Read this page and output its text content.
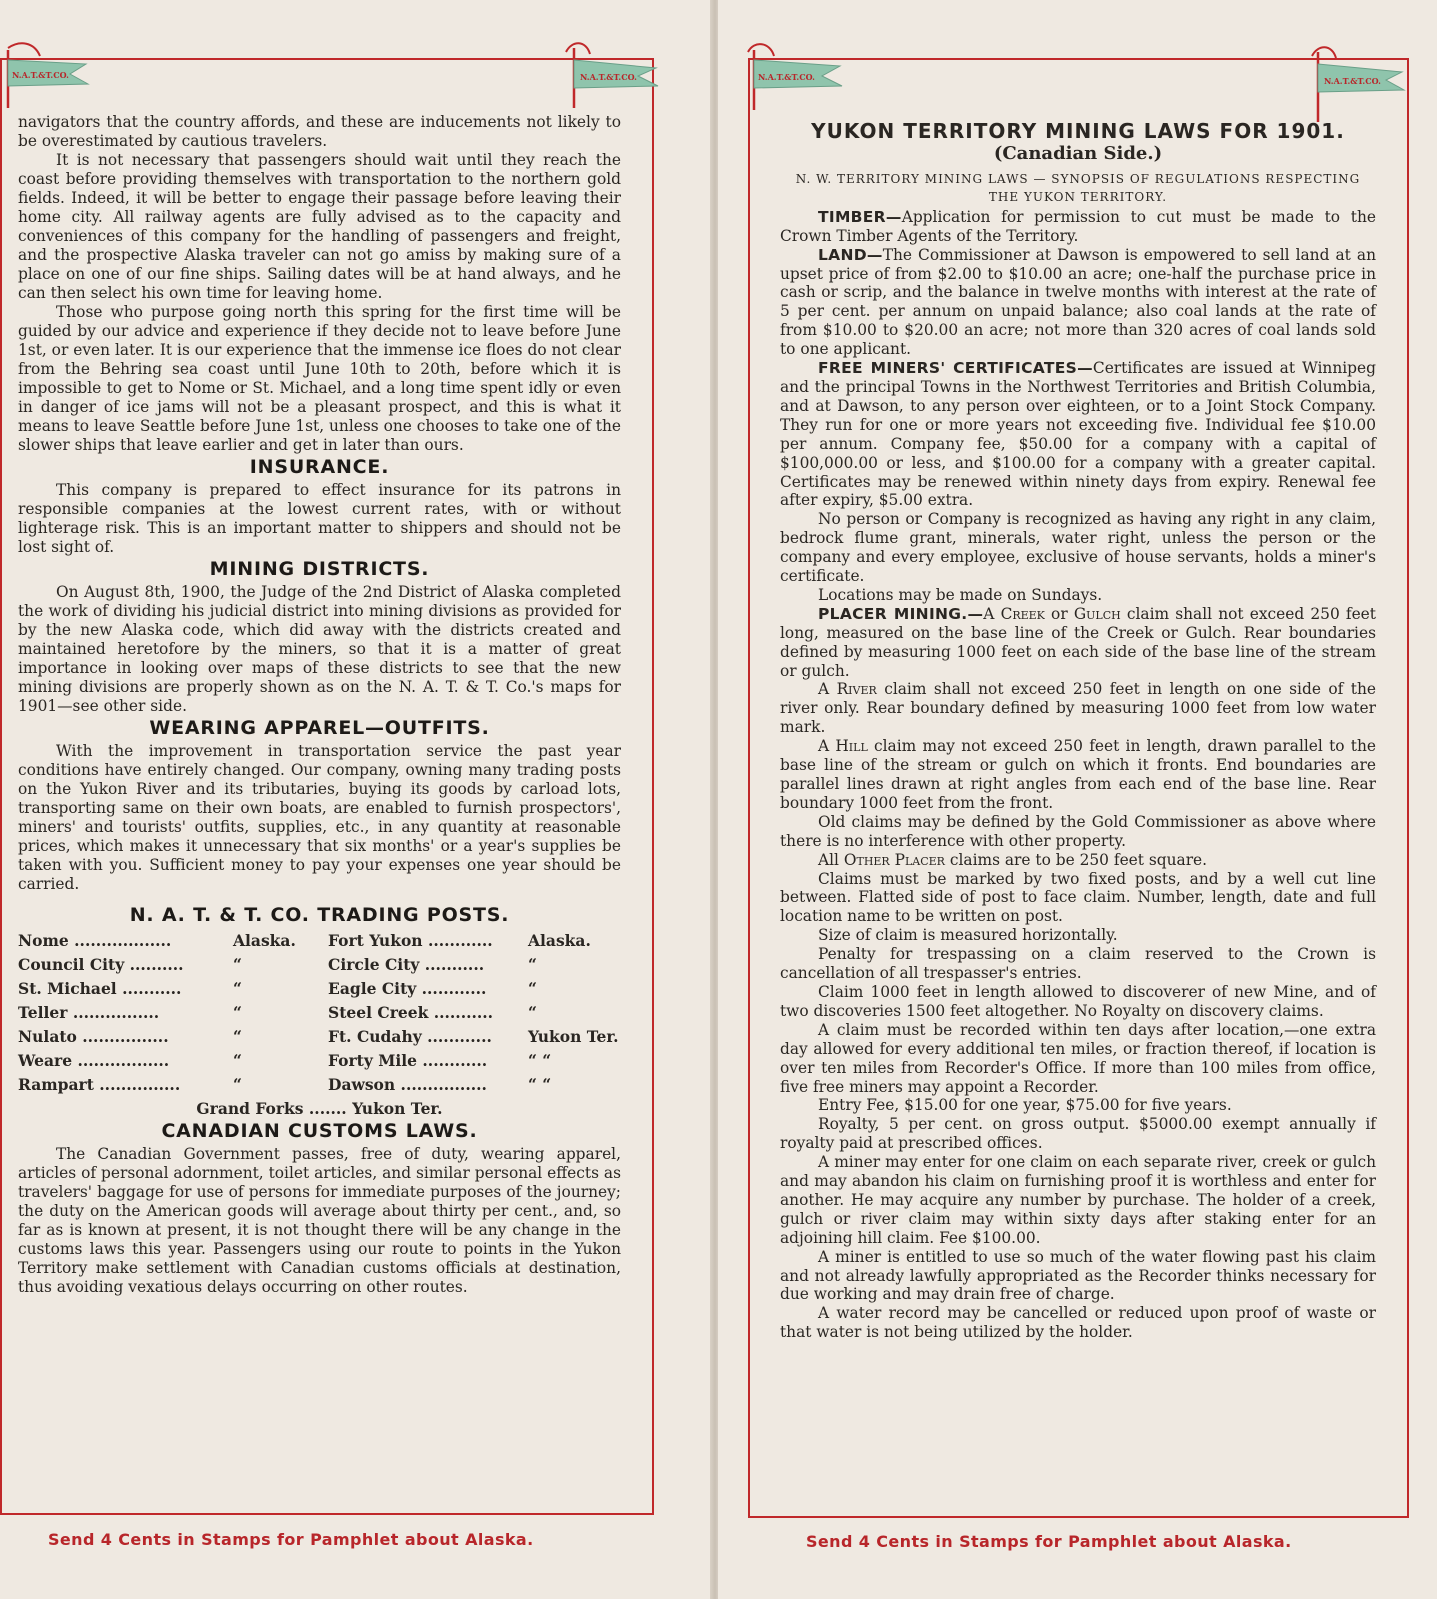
N.A.T.&T.CO.	N.A.T.&T.CO.

navigators that the country affords, and these are inducements not likely to be overestimated by cautious travelers.

It is not necessary that passengers should wait until they reach the coast before providing themselves with transportation to the northern gold fields. Indeed, it will be better to engage their passage before leaving their home city. All railway agents are fully advised as to the capacity and conveniences of this company for the handling of passengers and freight, and the prospective Alaska traveler can not go amiss by making sure of a place on one of our fine ships. Sailing dates will be at hand always, and he can then select his own time for leaving home.

Those who purpose going north this spring for the first time will be guided by our advice and experience if they decide not to leave before June 1st, or even later. It is our experience that the immense ice floes do not clear from the Behring sea coast until June 10th to 20th, before which it is impossible to get to Nome or St. Michael, and a long time spent idly or even in danger of ice jams will not be a pleasant prospect, and this is what it means to leave Seattle before June 1st, unless one chooses to take one of the slower ships that leave earlier and get in later than ours.

INSURANCE.

This company is prepared to effect insurance for its patrons in responsible companies at the lowest current rates, with or without lighterage risk. This is an important matter to shippers and should not be lost sight of.

MINING DISTRICTS.

On August 8th, 1900, the Judge of the 2nd District of Alaska completed the work of dividing his judicial district into mining divisions as provided for by the new Alaska code, which did away with the districts created and maintained heretofore by the miners, so that it is a matter of great importance in looking over maps of these districts to see that the new mining divisions are properly shown as on the N. A. T. & T. Co.'s maps for 1901—see other side.

WEARING APPAREL—OUTFITS.

With the improvement in transportation service the past year conditions have entirely changed. Our company, owning many trading posts on the Yukon River and its tributaries, buying its goods by carload lots, transporting same on their own boats, are enabled to furnish prospectors', miners' and tourists' outfits, supplies, etc., in any quantity at reasonable prices, which makes it unnecessary that six months' or a year's supplies be taken with you. Sufficient money to pay your expenses one year should be carried.

N. A. T. & T. CO. TRADING POSTS.
Nome ..................	Alaska.	Fort Yukon ............	Alaska.
Council City ..........	“	Circle City ...........	“
St. Michael ...........	“	Eagle City ............	“
Teller ................	“	Steel Creek ...........	“
Nulato ................	“	Ft. Cudahy ............	Yukon Ter.
Weare .................	“	Forty Mile ............	“ “
Rampart ...............	“	Dawson ................	“ “
Grand Forks ....... Yukon Ter.
CANADIAN CUSTOMS LAWS.

The Canadian Government passes, free of duty, wearing apparel, articles of personal adornment, toilet articles, and similar personal effects as travelers' baggage for use of persons for immediate purposes of the journey; the duty on the American goods will average about thirty per cent., and, so far as is known at present, it is not thought there will be any change in the customs laws this year. Passengers using our route to points in the Yukon Territory make settlement with Canadian customs officials at destination, thus avoiding vexatious delays occurring on other routes.

Send 4 Cents in Stamps for Pamphlet about Alaska.
N.A.T.&T.CO.	N.A.T.&T.CO.
YUKON TERRITORY MINING LAWS FOR 1901.
(Canadian Side.)
N. W. TERRITORY MINING LAWS — SYNOPSIS OF REGULATIONS RESPECTING THE YUKON TERRITORY.

TIMBER—Application for permission to cut must be made to the Crown Timber Agents of the Territory.

LAND—The Commissioner at Dawson is empowered to sell land at an upset price of from $2.00 to $10.00 an acre; one-half the purchase price in cash or scrip, and the balance in twelve months with interest at the rate of 5 per cent. per annum on unpaid balance; also coal lands at the rate of from $10.00 to $20.00 an acre; not more than 320 acres of coal lands sold to one applicant.

FREE MINERS' CERTIFICATES—Certificates are issued at Winnipeg and the principal Towns in the Northwest Territories and British Columbia, and at Dawson, to any person over eighteen, or to a Joint Stock Company. They run for one or more years not exceeding five. Individual fee $10.00 per annum. Company fee, $50.00 for a company with a capital of $100,000.00 or less, and $100.00 for a company with a greater capital. Certificates may be renewed within ninety days from expiry. Renewal fee after expiry, $5.00 extra.

No person or Company is recognized as having any right in any claim, bedrock flume grant, minerals, water right, unless the person or the company and every employee, exclusive of house servants, holds a miner's certificate.

Locations may be made on Sundays.

PLACER MINING.—A Creek or Gulch claim shall not exceed 250 feet long, measured on the base line of the Creek or Gulch. Rear boundaries defined by measuring 1000 feet on each side of the base line of the stream or gulch.

A River claim shall not exceed 250 feet in length on one side of the river only. Rear boundary defined by measuring 1000 feet from low water mark.

A Hill claim may not exceed 250 feet in length, drawn parallel to the base line of the stream or gulch on which it fronts. End boundaries are parallel lines drawn at right angles from each end of the base line. Rear boundary 1000 feet from the front.

Old claims may be defined by the Gold Commissioner as above where there is no interference with other property.

All Other Placer claims are to be 250 feet square.

Claims must be marked by two fixed posts, and by a well cut line between. Flatted side of post to face claim. Number, length, date and full location name to be written on post.

Size of claim is measured horizontally.

Penalty for trespassing on a claim reserved to the Crown is cancellation of all trespasser's entries.

Claim 1000 feet in length allowed to discoverer of new Mine, and of two discoveries 1500 feet altogether. No Royalty on discovery claims.

A claim must be recorded within ten days after location,—one extra day allowed for every additional ten miles, or fraction thereof, if location is over ten miles from Recorder's Office. If more than 100 miles from office, five free miners may appoint a Recorder.

Entry Fee, $15.00 for one year, $75.00 for five years.

Royalty, 5 per cent. on gross output. $5000.00 exempt annually if royalty paid at prescribed offices.

A miner may enter for one claim on each separate river, creek or gulch and may abandon his claim on furnishing proof it is worthless and enter for another. He may acquire any number by purchase. The holder of a creek, gulch or river claim may within sixty days after staking enter for an adjoining hill claim. Fee $100.00.

A miner is entitled to use so much of the water flowing past his claim and not already lawfully appropriated as the Recorder thinks necessary for due working and may drain free of charge.

A water record may be cancelled or reduced upon proof of waste or that water is not being utilized by the holder.

Send 4 Cents in Stamps for Pamphlet about Alaska.
